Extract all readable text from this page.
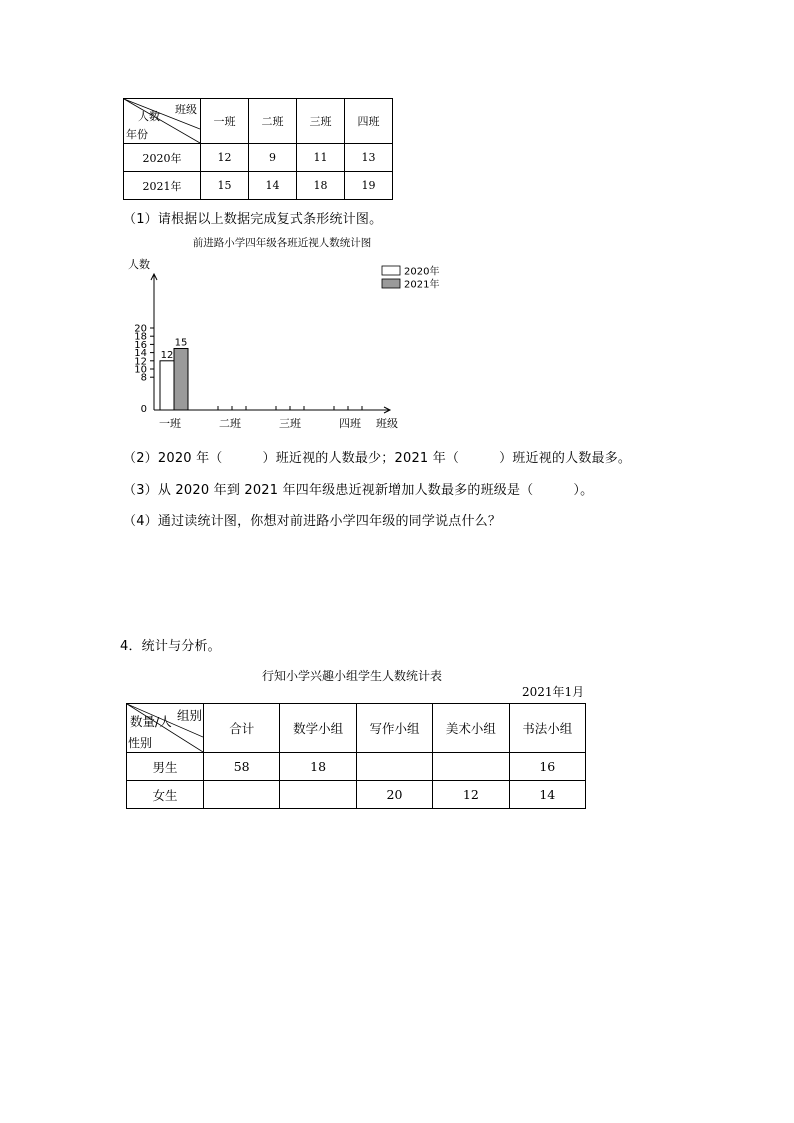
班级
人数
年份	一班	二班	三班	四班
2020年	12	9	11	13
2021年	15	14	18	19
（1）请根据以上数据完成复式条形统计图。
前进路小学四年级各班近视人数统计图
人数
班级
2020年
2021年
0
8
10
12
14
16
18
20
一班	二班	三班	四班
12
15
（2）2020 年（	）班近视的人数最少；2021 年（	）班近视的人数最多。
（3）从 2020 年到 2021 年四年级患近视新增加人数最多的班级是（	）。
（4）通过读统计图，你想对前进路小学四年级的同学说点什么？
4．统计与分析。
行知小学兴趣小组学生人数统计表
2021年1月
组别
数量/人
性别	合计	数学小组	写作小组	美术小组	书法小组
男生	58	18			16
女生			20	12	14
